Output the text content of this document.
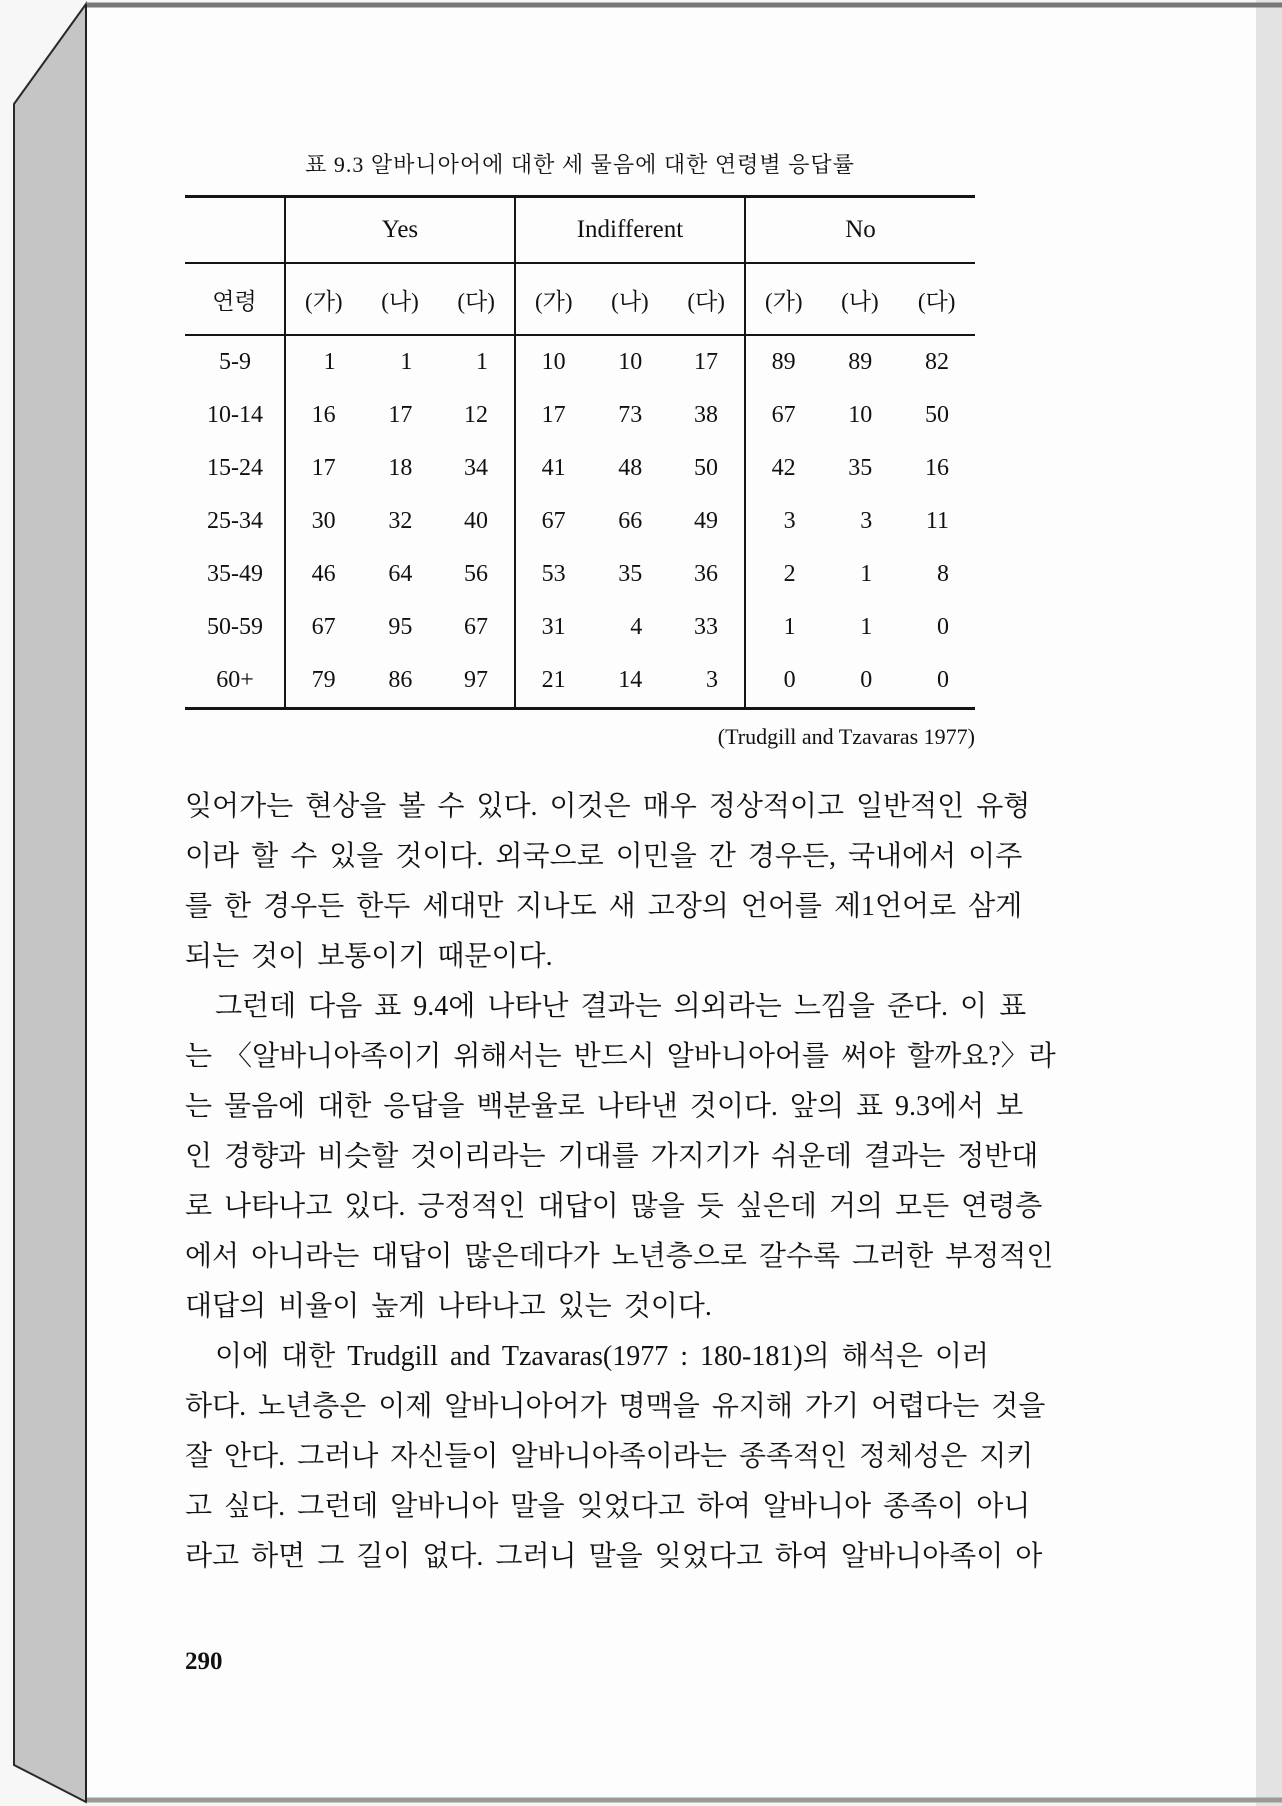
표 9.3 알바니아어에 대한 세 물음에 대한 연령별 응답률
	Yes			Indifferent			No		
연령	(가)	(나)	(다)	(가)	(나)	(다)	(가)	(나)	(다)
5-9	1	1	1	10	10	17	89	89	82
10-14	16	17	12	17	73	38	67	10	50
15-24	17	18	34	41	48	50	42	35	16
25-34	30	32	40	67	66	49	3	3	11
35-49	46	64	56	53	35	36	2	1	8
50-59	67	95	67	31	4	33	1	1	0
60+	79	86	97	21	14	3	0	0	0
(Trudgill and Tzavaras 1977)
잊어가는 현상을 볼 수 있다. 이것은 매우 정상적이고 일반적인 유형
이라 할 수 있을 것이다. 외국으로 이민을 간 경우든, 국내에서 이주
를 한 경우든 한두 세대만 지나도 새 고장의 언어를 제1언어로 삼게
되는 것이 보통이기 때문이다.
그런데 다음 표 9.4에 나타난 결과는 의외라는 느낌을 준다. 이 표
는 〈알바니아족이기 위해서는 반드시 알바니아어를 써야 할까요?〉라
는 물음에 대한 응답을 백분율로 나타낸 것이다. 앞의 표 9.3에서 보
인 경향과 비슷할 것이리라는 기대를 가지기가 쉬운데 결과는 정반대
로 나타나고 있다. 긍정적인 대답이 많을 듯 싶은데 거의 모든 연령층
에서 아니라는 대답이 많은데다가 노년층으로 갈수록 그러한 부정적인
대답의 비율이 높게 나타나고 있는 것이다.
이에 대한 Trudgill and Tzavaras(1977 : 180-181)의 해석은 이러
하다. 노년층은 이제 알바니아어가 명맥을 유지해 가기 어렵다는 것을
잘 안다. 그러나 자신들이 알바니아족이라는 종족적인 정체성은 지키
고 싶다. 그런데 알바니아 말을 잊었다고 하여 알바니아 종족이 아니
라고 하면 그 길이 없다. 그러니 말을 잊었다고 하여 알바니아족이 아
290
